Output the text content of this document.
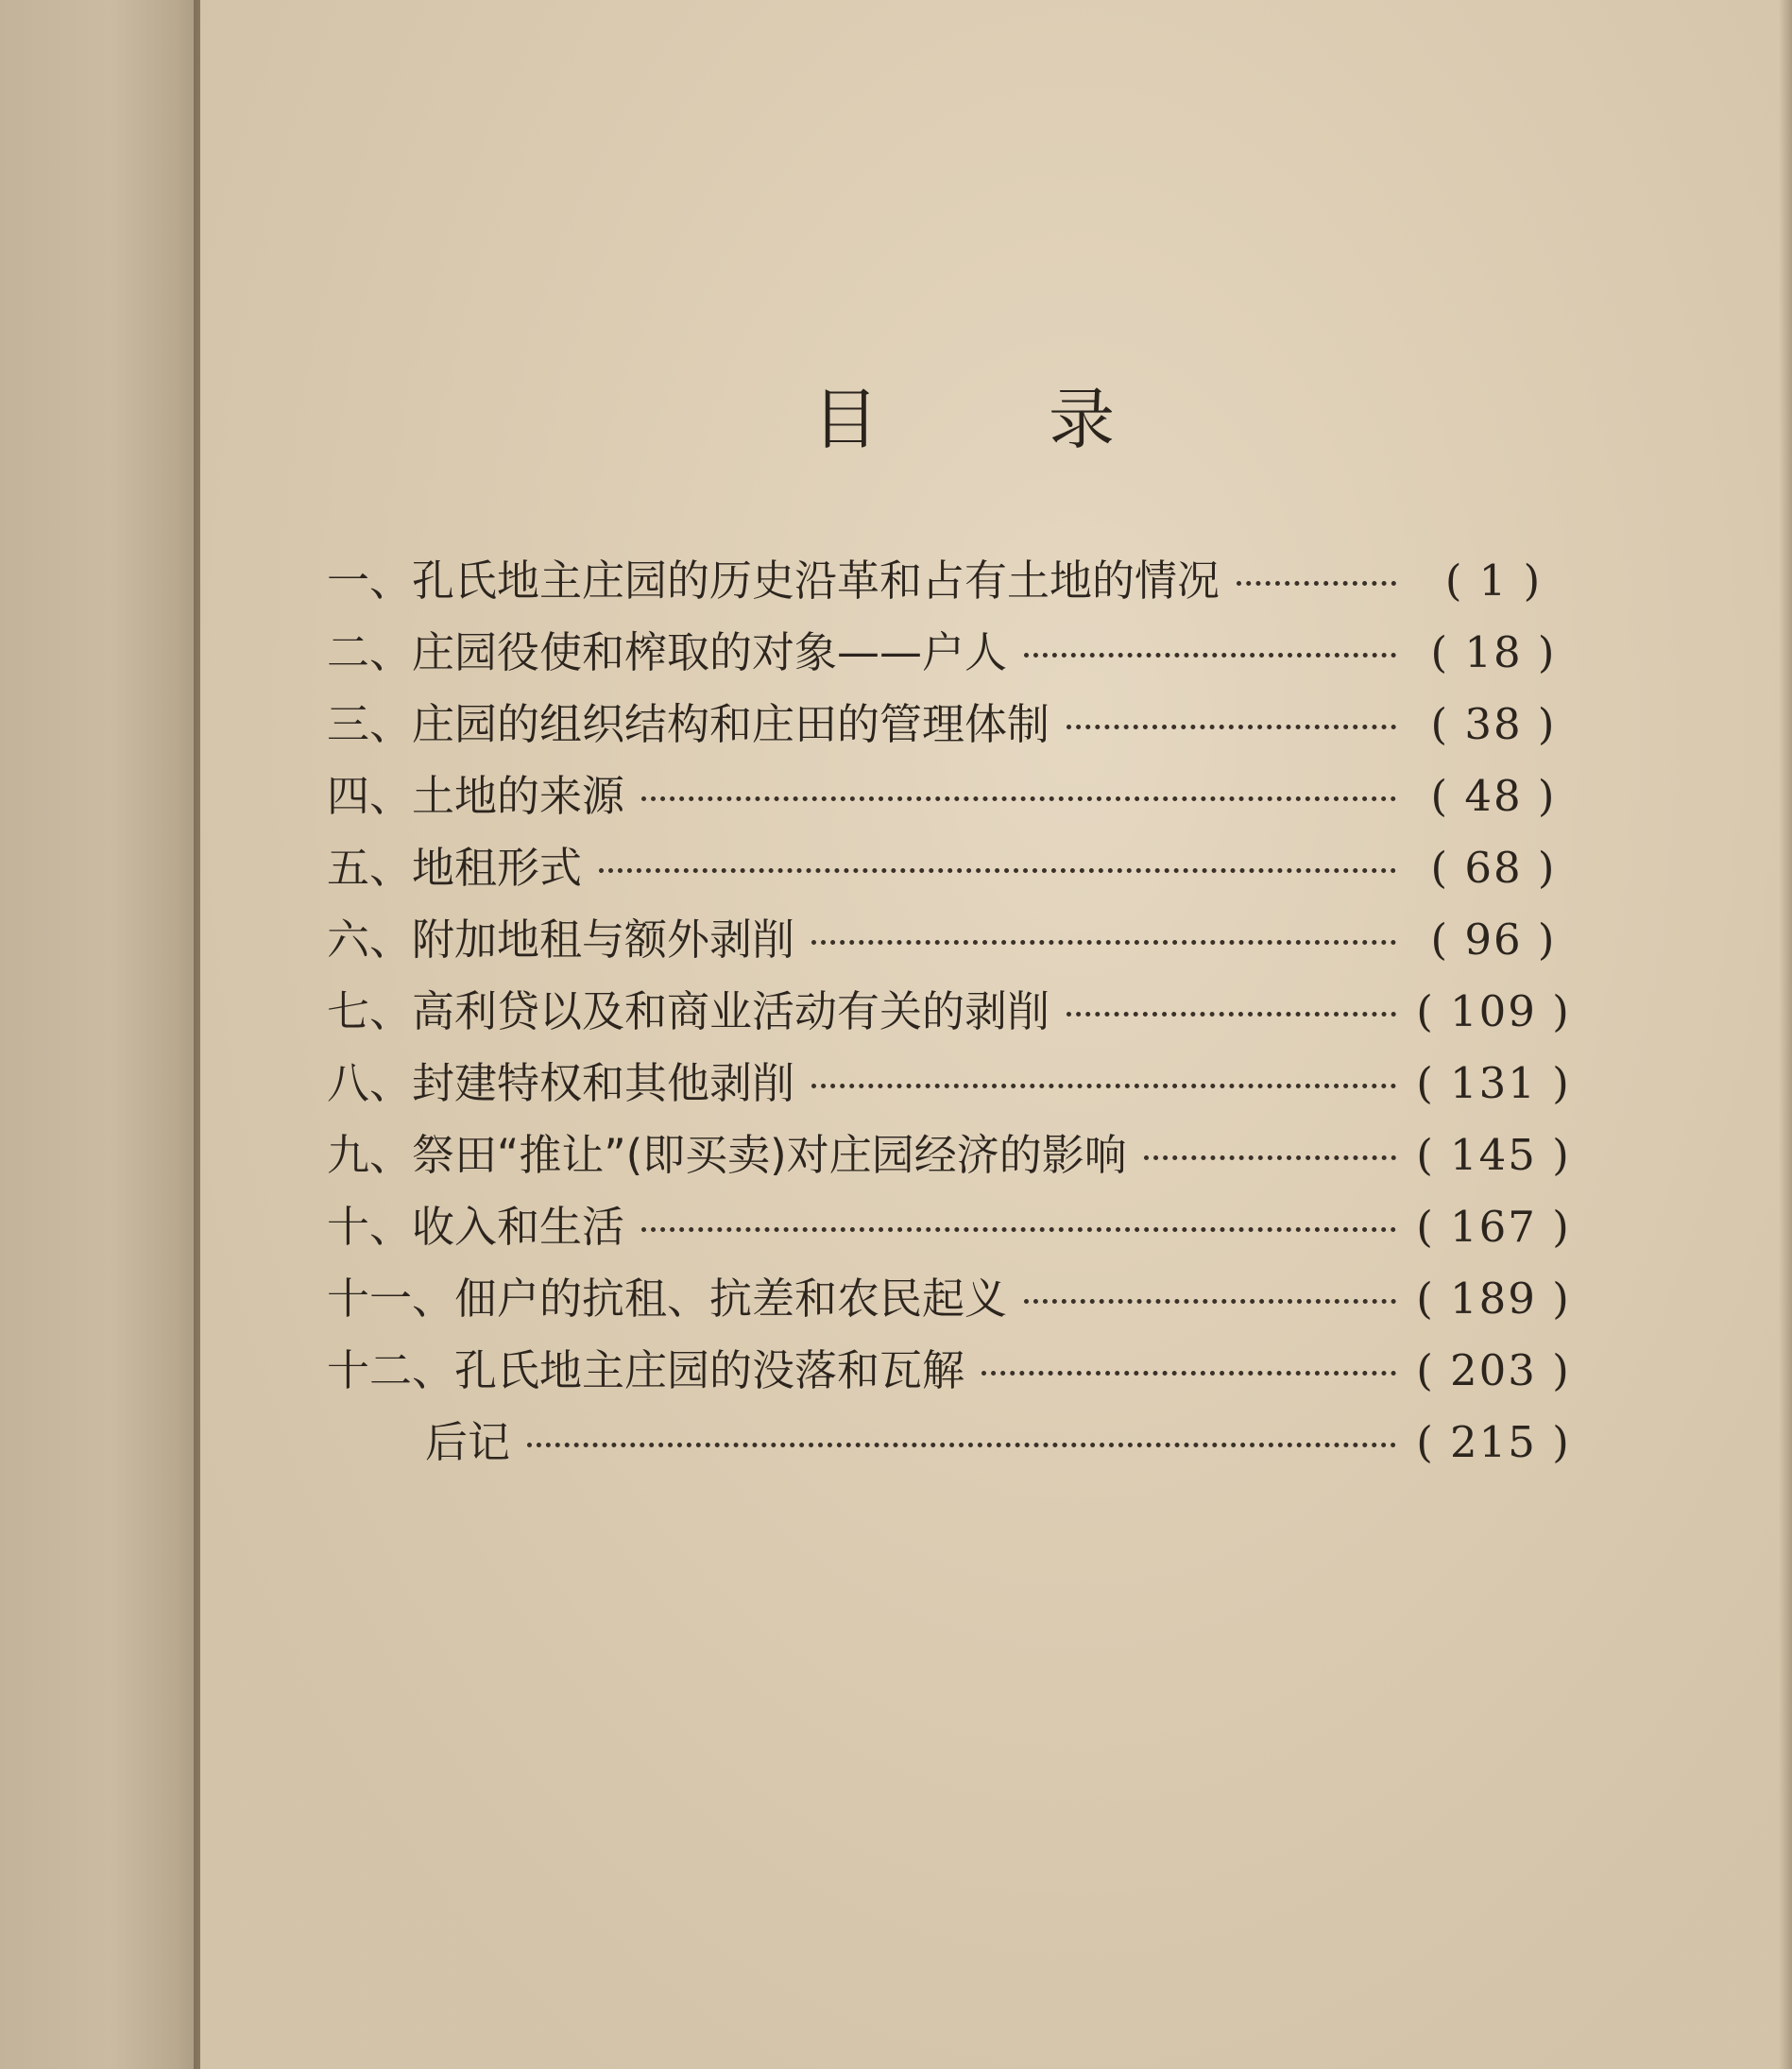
目	录
一、孔氏地主庄园的历史沿革和占有土地的情况	( 1 )
二、庄园役使和榨取的对象——户人	( 18 )
三、庄园的组织结构和庄田的管理体制	( 38 )
四、土地的来源	( 48 )
五、地租形式	( 68 )
六、附加地租与额外剥削	( 96 )
七、高利贷以及和商业活动有关的剥削	( 109 )
八、封建特权和其他剥削	( 131 )
九、祭田“推让”(即买卖)对庄园经济的影响	( 145 )
十、收入和生活	( 167 )
十一、佃户的抗租、抗差和农民起义	( 189 )
十二、孔氏地主庄园的没落和瓦解	( 203 )
后记	( 215 )
